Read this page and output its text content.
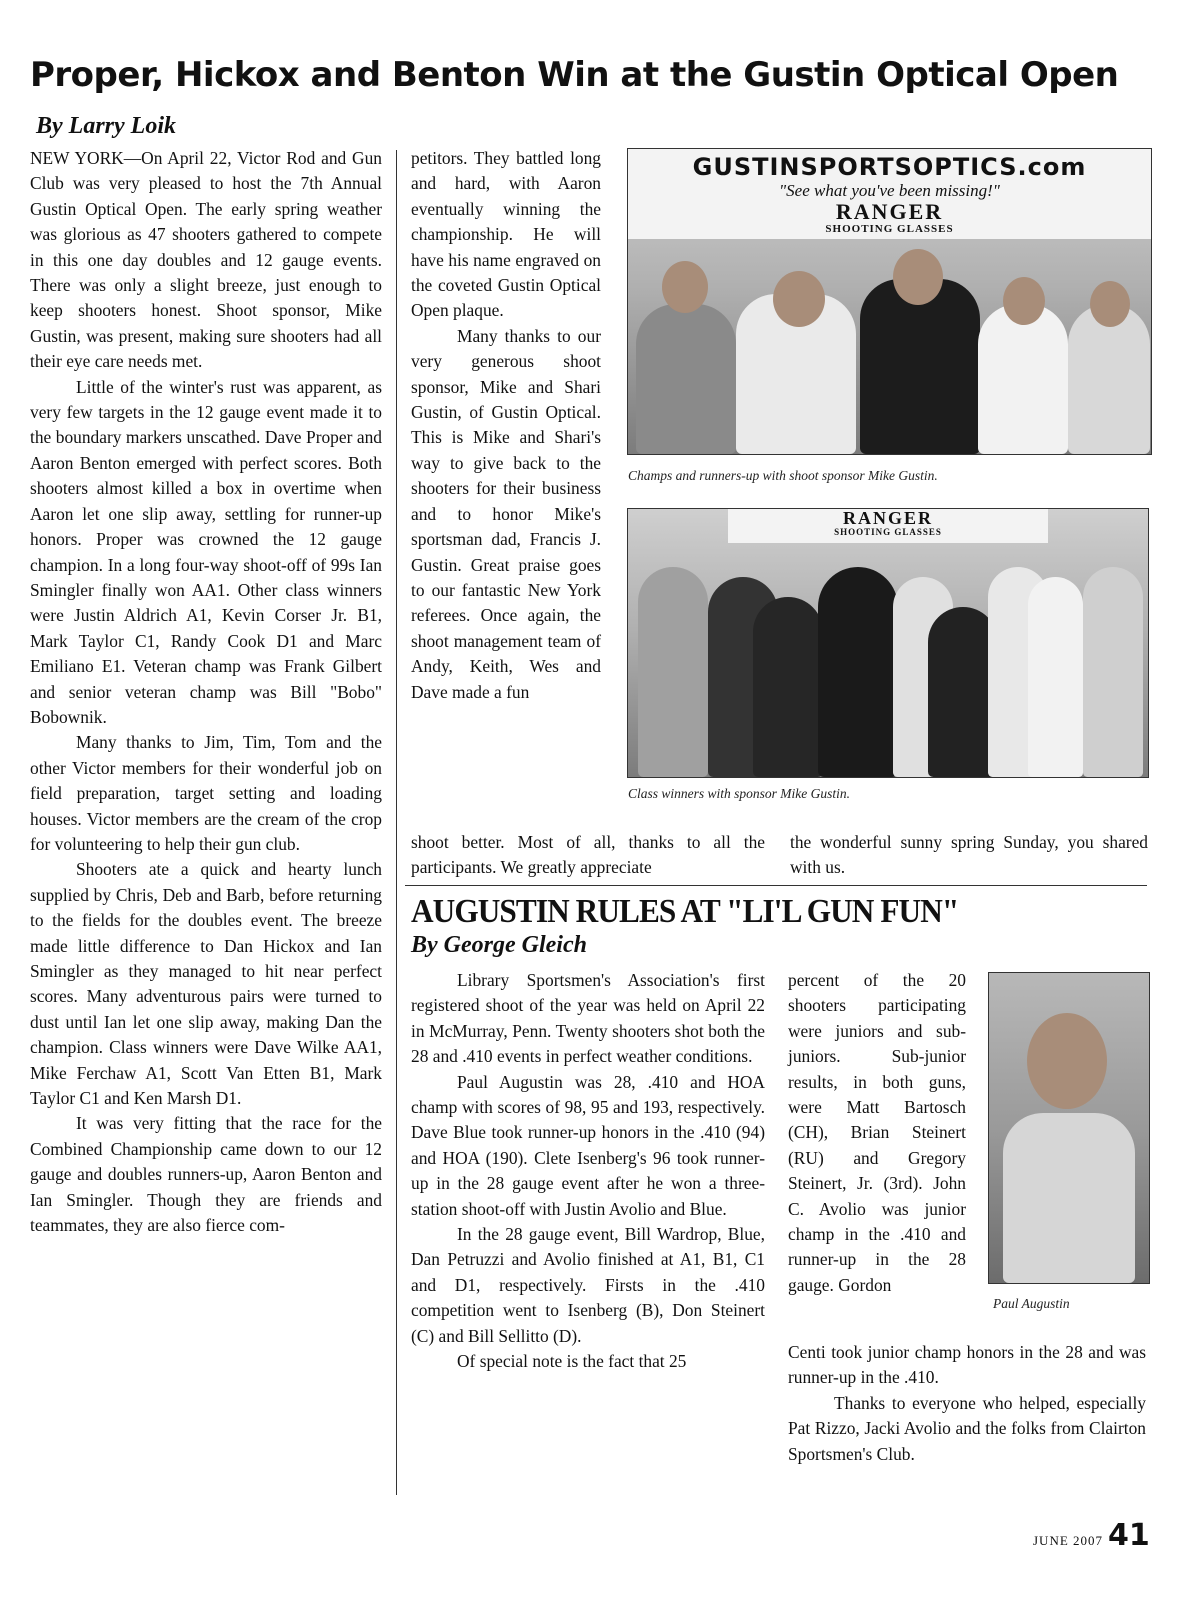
Proper, Hickox and Benton Win at the Gustin Optical Open
By Larry Loik

NEW YORK—On April 22, Victor Rod and Gun Club was very pleased to host the 7th Annual Gustin Optical Open. The early spring weather was glorious as 47 shooters gathered to compete in this one day doubles and 12 gauge events. There was only a slight breeze, just enough to keep shooters honest. Shoot sponsor, Mike Gustin, was present, making sure shooters had all their eye care needs met.

Little of the winter's rust was apparent, as very few targets in the 12 gauge event made it to the boundary markers unscathed. Dave Proper and Aaron Benton emerged with perfect scores. Both shooters almost killed a box in overtime when Aaron let one slip away, settling for runner-up honors. Proper was crowned the 12 gauge champion. In a long four-way shoot-off of 99s Ian Smingler finally won AA1. Other class winners were Justin Aldrich A1, Kevin Corser Jr. B1, Mark Taylor C1, Randy Cook D1 and Marc Emiliano E1. Veteran champ was Frank Gilbert and senior veteran champ was Bill "Bobo" Bobownik.

Many thanks to Jim, Tim, Tom and the other Victor members for their wonderful job on field preparation, target setting and loading houses. Victor members are the cream of the crop for volunteering to help their gun club.

Shooters ate a quick and hearty lunch supplied by Chris, Deb and Barb, before returning to the fields for the doubles event. The breeze made little difference to Dan Hickox and Ian Smingler as they managed to hit near perfect scores. Many adventurous pairs were turned to dust until Ian let one slip away, making Dan the champion. Class winners were Dave Wilke AA1, Mike Ferchaw A1, Scott Van Etten B1, Mark Taylor C1 and Ken Marsh D1.

It was very fitting that the race for the Combined Championship came down to our 12 gauge and doubles runners-up, Aaron Benton and Ian Smingler. Though they are friends and teammates, they are also fierce com-

petitors. They battled long and hard, with Aaron eventually winning the championship. He will have his name engraved on the coveted Gustin Optical Open plaque.

Many thanks to our very generous shoot sponsor, Mike and Shari Gustin, of Gustin Optical. This is Mike and Shari's way to give back to the shooters for their business and to honor Mike's sportsman dad, Francis J. Gustin. Great praise goes to our fantastic New York referees. Once again, the shoot management team of Andy, Keith, Wes and Dave made a fun

GUSTINSPORTSOPTICS.com
"See what you've been missing!"
RANGER
SHOOTING GLASSES
Champs and runners-up with shoot sponsor Mike Gustin.
RANGER
SHOOTING GLASSES
Class winners with sponsor Mike Gustin.

shoot better. Most of all, thanks to all the participants. We greatly appreciate

the wonderful sunny spring Sunday, you shared with us.

AUGUSTIN RULES AT "LI'L GUN FUN"
By George Gleich

Library Sportsmen's Association's first registered shoot of the year was held on April 22 in McMurray, Penn. Twenty shooters shot both the 28 and .410 events in perfect weather conditions.

Paul Augustin was 28, .410 and HOA champ with scores of 98, 95 and 193, respectively. Dave Blue took runner-up honors in the .410 (94) and HOA (190). Clete Isenberg's 96 took runner-up in the 28 gauge event after he won a three-station shoot-off with Justin Avolio and Blue.

In the 28 gauge event, Bill Wardrop, Blue, Dan Petruzzi and Avolio finished at A1, B1, C1 and D1, respectively. Firsts in the .410 competition went to Isenberg (B), Don Steinert (C) and Bill Sellitto (D).

Of special note is the fact that 25

percent of the 20 shooters participating were juniors and sub-juniors. Sub-junior results, in both guns, were Matt Bartosch (CH), Brian Steinert (RU) and Gregory Steinert, Jr. (3rd). John C. Avolio was junior champ in the .410 and runner-up in the 28 gauge. Gordon

Paul Augustin

Centi took junior champ honors in the 28 and was runner-up in the .410.

Thanks to everyone who helped, especially Pat Rizzo, Jacki Avolio and the folks from Clairton Sportsmen's Club.

JUNE 2007 41
